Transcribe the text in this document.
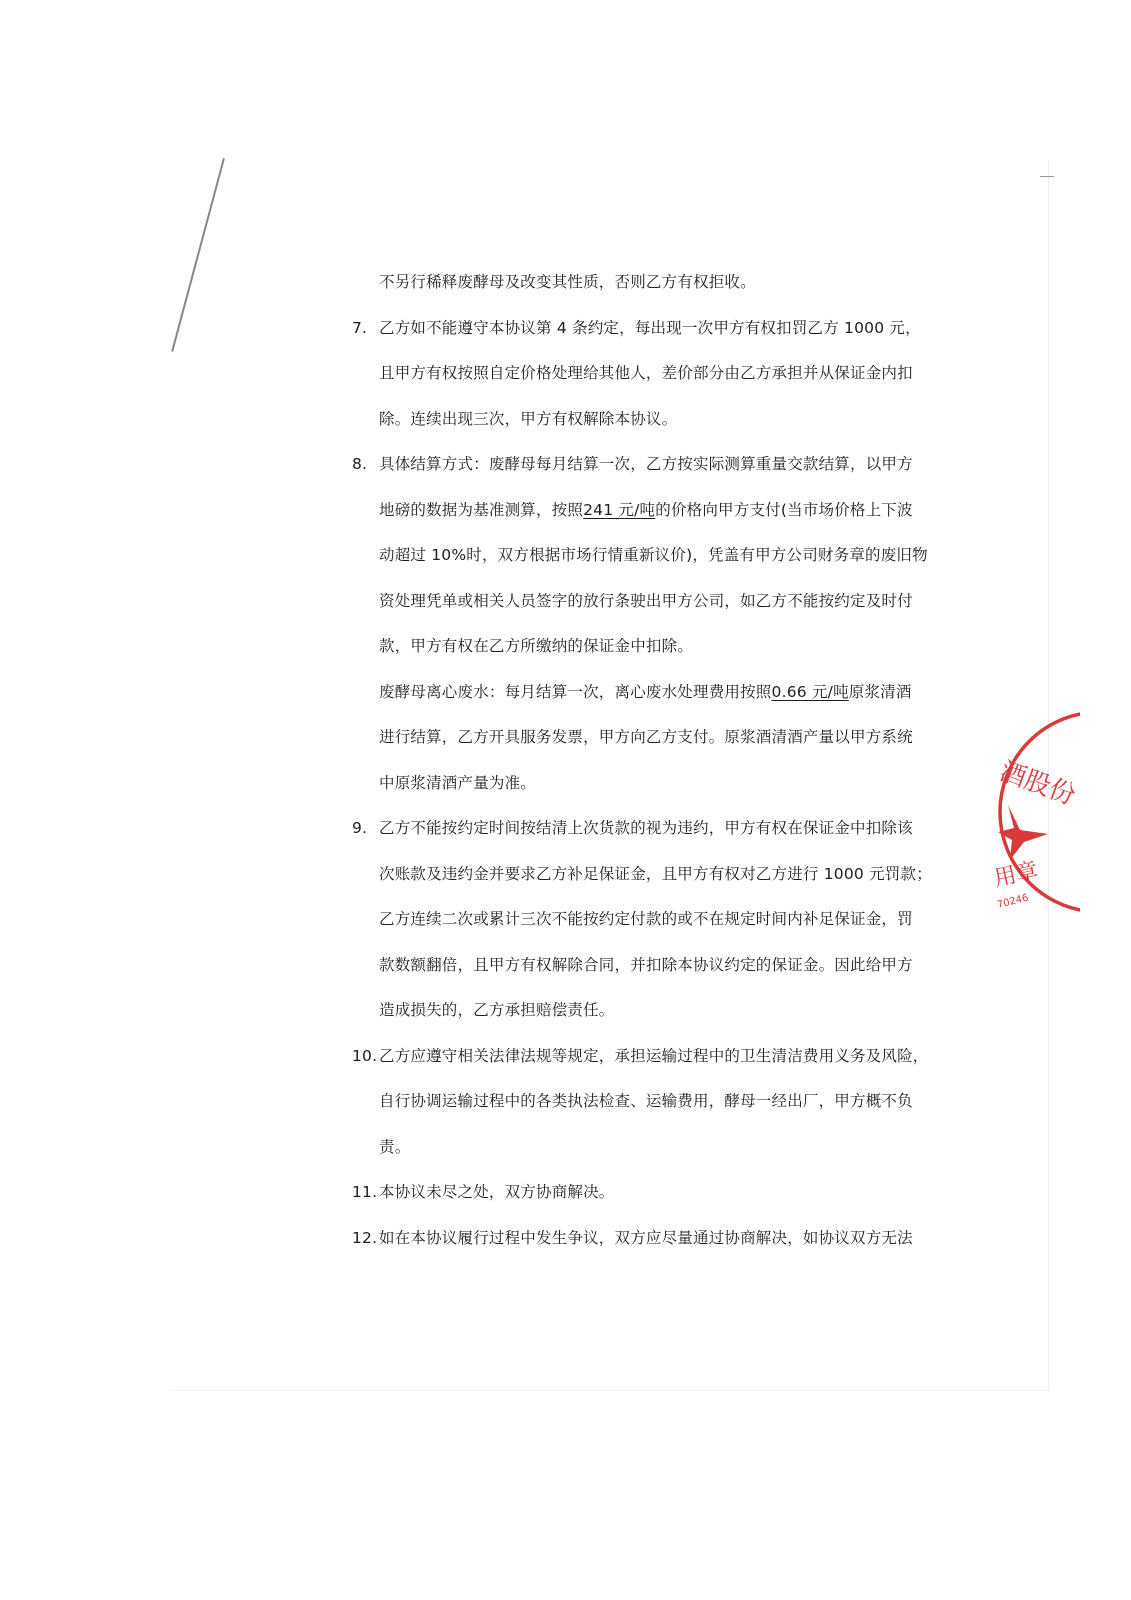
不另行稀释废酵母及改变其性质，否则乙方有权拒收。
7. 乙方如不能遵守本协议第 4 条约定，每出现一次甲方有权扣罚乙方 1000 元，
且甲方有权按照自定价格处理给其他人，差价部分由乙方承担并从保证金内扣
除。连续出现三次，甲方有权解除本协议。
8. 具体结算方式：废酵母每月结算一次，乙方按实际测算重量交款结算，以甲方
地磅的数据为基准测算，按照241 元/吨的价格向甲方支付(当市场价格上下波
动超过 10%时，双方根据市场行情重新议价)，凭盖有甲方公司财务章的废旧物
资处理凭单或相关人员签字的放行条驶出甲方公司，如乙方不能按约定及时付
款，甲方有权在乙方所缴纳的保证金中扣除。
废酵母离心废水：每月结算一次，离心废水处理费用按照0.66 元/吨原浆清酒
进行结算，乙方开具服务发票，甲方向乙方支付。原浆酒清酒产量以甲方系统
中原浆清酒产量为准。
9. 乙方不能按约定时间按结清上次货款的视为违约，甲方有权在保证金中扣除该
次账款及违约金并要求乙方补足保证金，且甲方有权对乙方进行 1000 元罚款；
乙方连续二次或累计三次不能按约定付款的或不在规定时间内补足保证金，罚
款数额翻倍，且甲方有权解除合同，并扣除本协议约定的保证金。因此给甲方
造成损失的，乙方承担赔偿责任。
10. 乙方应遵守相关法律法规等规定，承担运输过程中的卫生清洁费用义务及风险，
自行协调运输过程中的各类执法检查、运输费用，酵母一经出厂，甲方概不负
责。
11. 本协议未尽之处，双方协商解决。
12. 如在本协议履行过程中发生争议，双方应尽量通过协商解决，如协议双方无法
酒股份
用章
70246
